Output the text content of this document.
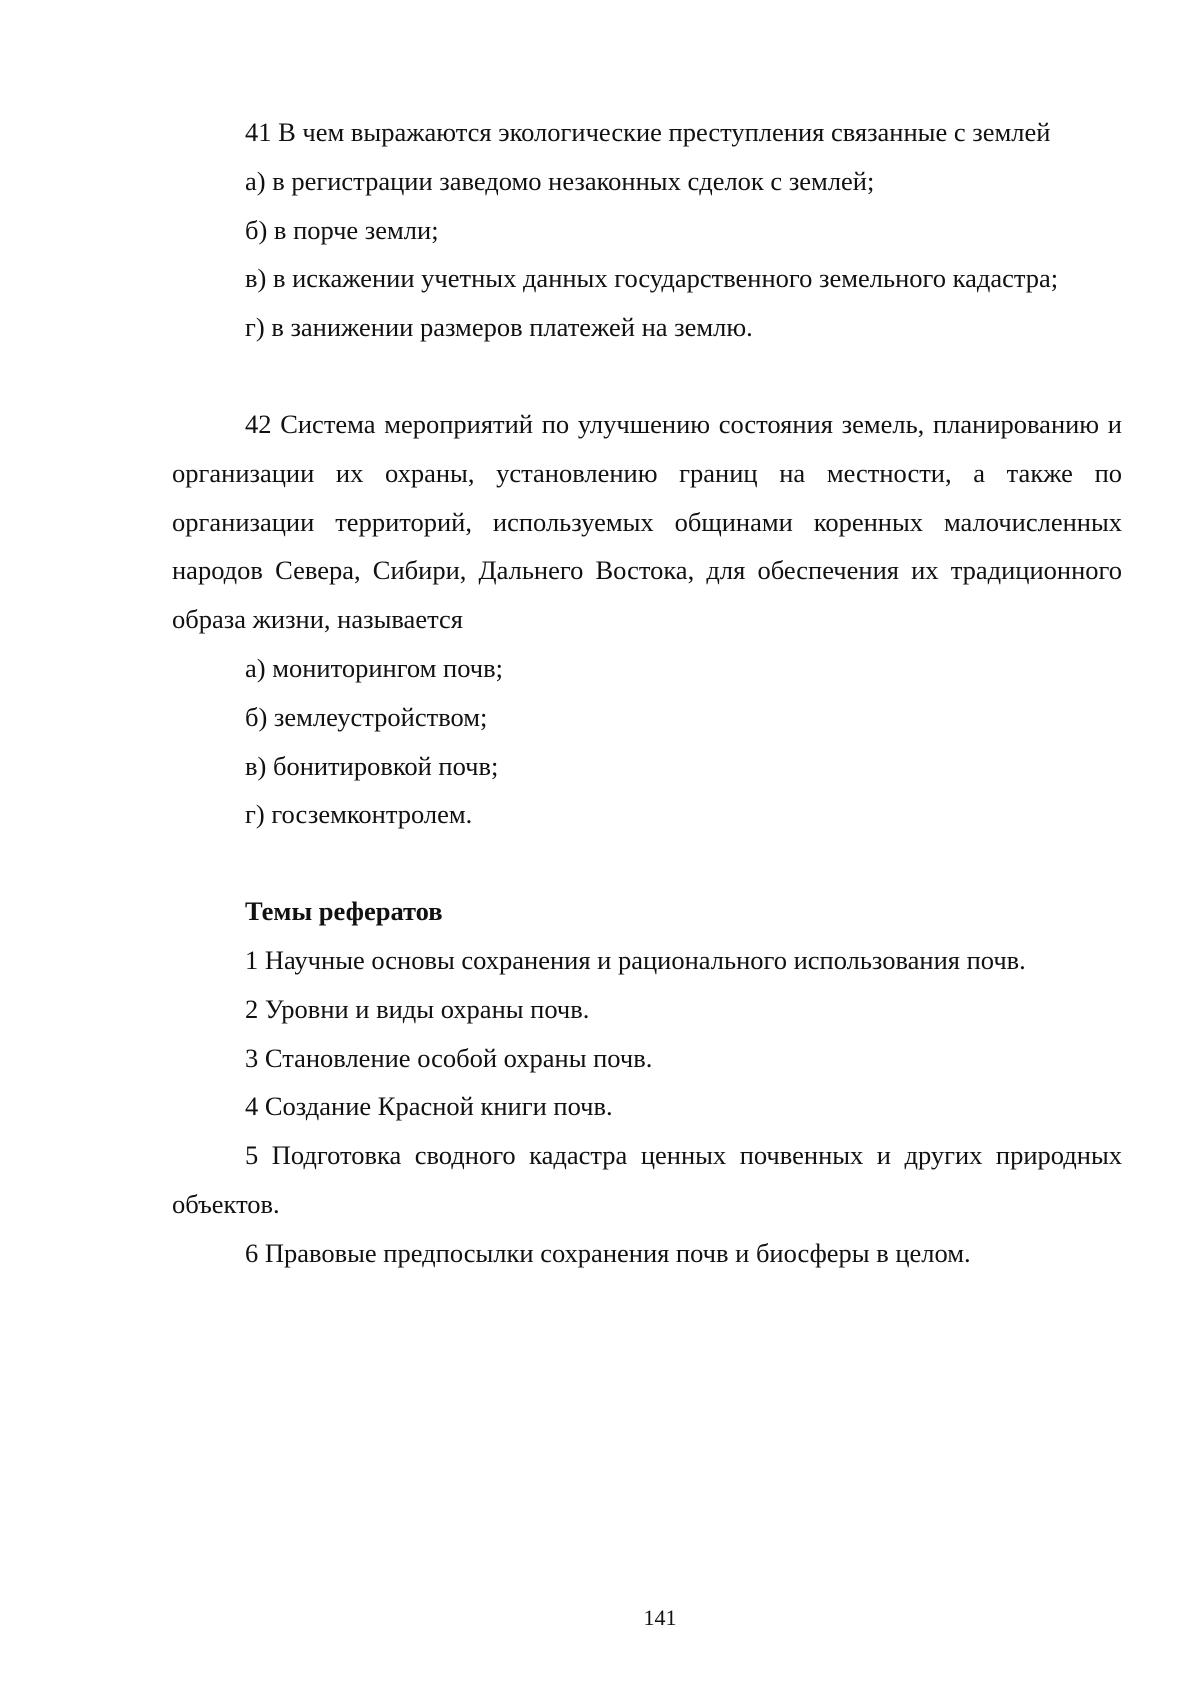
41 В чем выражаются экологические преступления связанные с землей

а) в регистрации заведомо незаконных сделок с землей;

б) в порче земли;

в) в искажении учетных данных государственного земельного кадастра;

г) в занижении размеров платежей на землю.

42 Система мероприятий по улучшению состояния земель, планированию и организации их охраны, установлению границ на местности, а также по организации территорий, используемых общинами коренных малочисленных народов Севера, Сибири, Дальнего Востока, для обеспечения их традиционного образа жизни, называется

а) мониторингом почв;

б) землеустройством;

в) бонитировкой почв;

г) госземконтролем.

Темы рефератов

1 Научные основы сохранения и рационального использования почв.

2 Уровни и виды охраны почв.

3 Становление особой охраны почв.

4 Создание Красной книги почв.

5 Подготовка сводного кадастра ценных почвенных и других природных объектов.

6 Правовые предпосылки сохранения почв и биосферы в целом.

141
